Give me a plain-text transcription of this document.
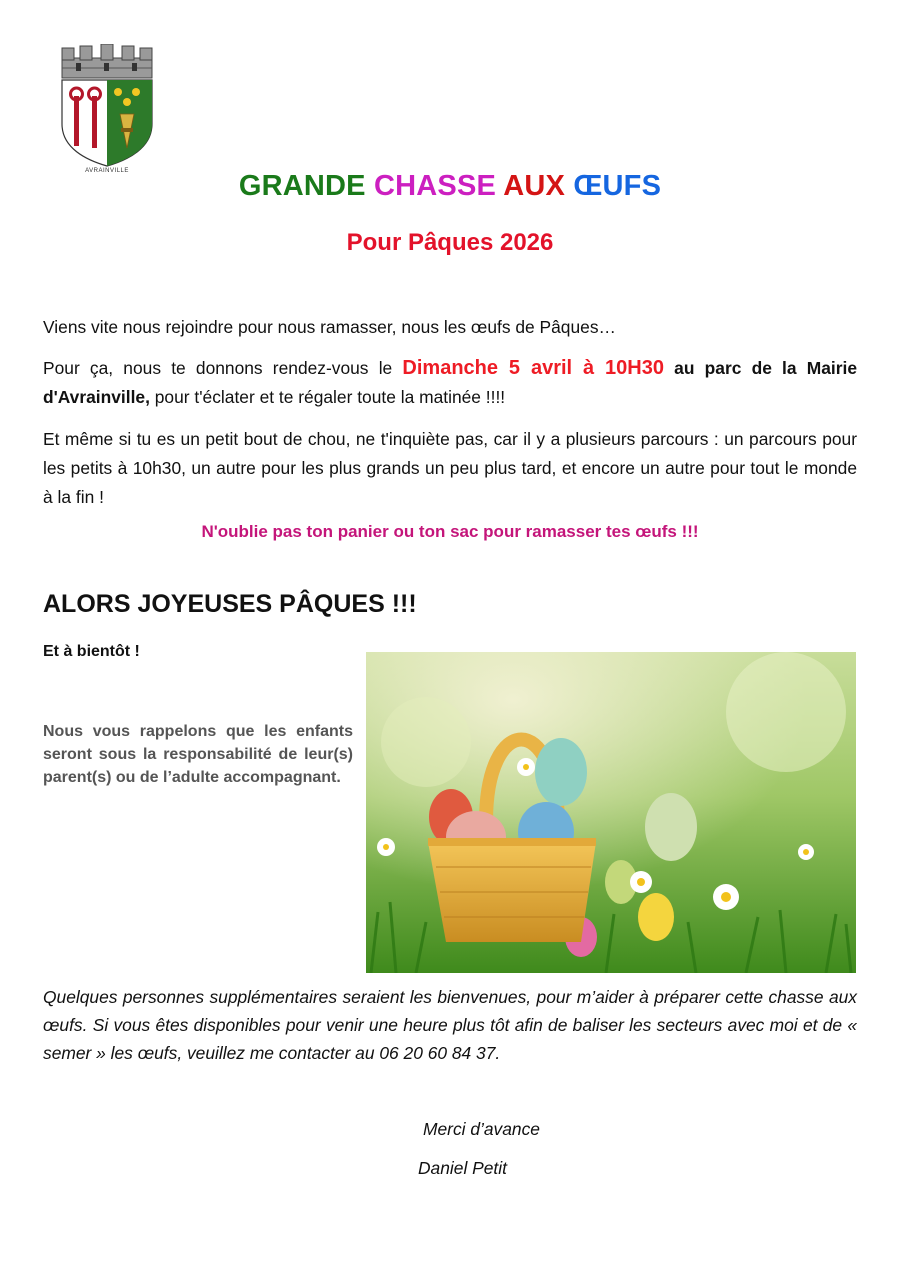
AVRAINVILLE	GRANDE CHASSE AUX ŒUFS
Pour Pâques 2026
Viens vite nous rejoindre pour nous ramasser, nous les œufs de Pâques…
Pour ça, nous te donnons rendez-vous le Dimanche 5 avril à 10H30 au parc de la Mairie d'Avrainville, pour t'éclater et te régaler toute la matinée !!!!
Et même si tu es un petit bout de chou, ne t'inquiète pas, car il y a plusieurs parcours : un parcours pour les petits à 10h30, un autre pour les plus grands un peu plus tard, et encore un autre pour tout le monde à la fin !
N'oublie pas ton panier ou ton sac pour ramasser tes œufs !!!
ALORS JOYEUSES PÂQUES !!!
Et à bientôt !
Nous vous rappelons que les enfants seront sous la responsabilité de leur(s) parent(s) ou de l’adulte accompagnant.
Quelques personnes supplémentaires seraient les bienvenues, pour m’aider à préparer cette chasse aux œufs. Si vous êtes disponibles pour venir une heure plus tôt afin de baliser les secteurs avec moi et de « semer » les œufs, veuillez me contacter au 06 20 60 84 37.
Merci d’avance
Daniel Petit
